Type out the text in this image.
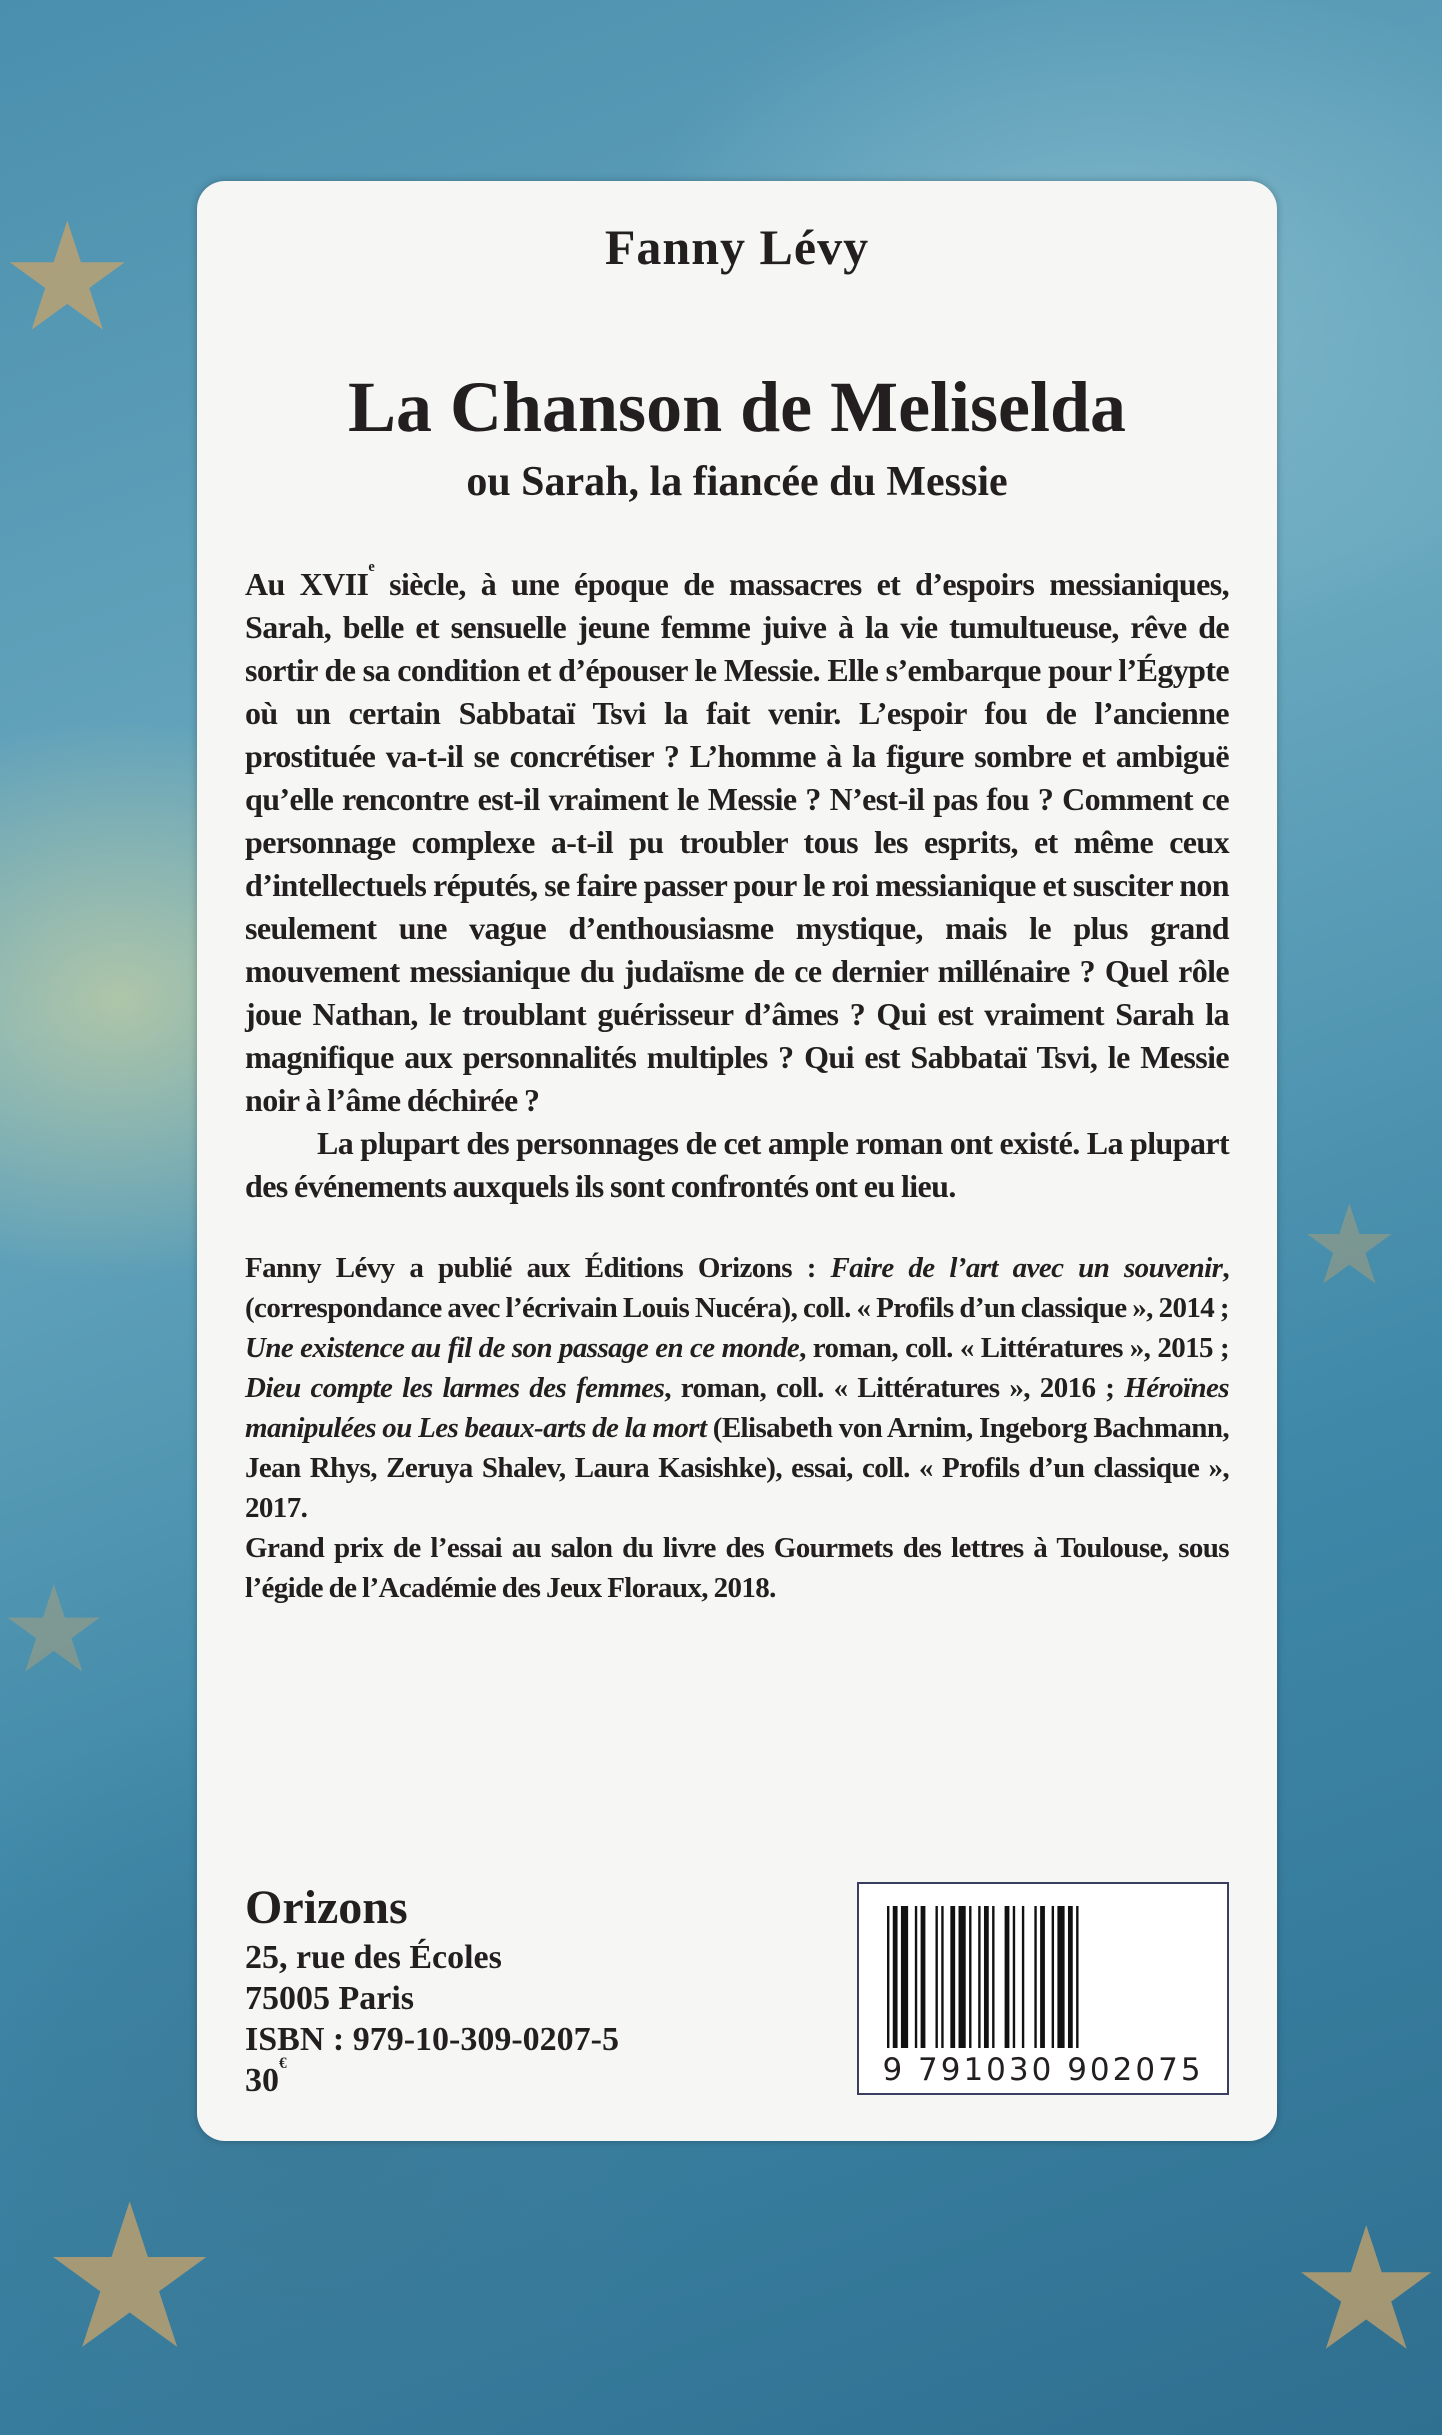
★
★
★	★
★
Fanny Lévy
La Chanson de Meliselda
ou Sarah, la fiancée du Messie

Au XVIIe siècle, à une époque de massacres et d’espoirs messianiques, Sarah, belle et sensuelle jeune femme juive à la vie tumultueuse, rêve de sortir de sa condition et d’épouser le Messie. Elle s’embarque pour l’Égypte où un certain Sabbataï Tsvi la fait venir. L’espoir fou de l’ancienne prostituée va-t-il se concrétiser ? L’homme à la figure sombre et ambiguë qu’elle rencontre est-il vraiment le Messie ? N’est-il pas fou ? Comment ce personnage complexe a-t-il pu troubler tous les esprits, et même ceux d’intellectuels réputés, se faire passer pour le roi messianique et susciter non seulement une vague d’enthousiasme mystique, mais le plus grand mouvement messianique du judaïsme de ce dernier millénaire ? Quel rôle joue Nathan, le troublant guérisseur d’âmes ? Qui est vraiment Sarah la magnifique aux personnalités multiples ? Qui est Sabbataï Tsvi, le Messie noir à l’âme déchirée ?

La plupart des personnages de cet ample roman ont existé. La plupart des événements auxquels ils sont confrontés ont eu lieu.

Fanny Lévy a publié aux Éditions Orizons : Faire de l’art avec un souvenir, (correspondance avec l’écrivain Louis Nucéra), coll. « Profils d’un classique », 2014 ; Une existence au fil de son passage en ce monde, roman, coll. « Littératures », 2015 ; Dieu compte les larmes des femmes, roman, coll. « Littératures », 2016 ; Héroïnes manipulées ou Les beaux-arts de la mort (Elisabeth von Arnim, Ingeborg Bachmann, Jean Rhys, Zeruya Shalev, Laura Kasishke), essai, coll. « Profils d’un classique », 2017.

Grand prix de l’essai au salon du livre des Gourmets des lettres à Toulouse, sous l’égide de l’Académie des Jeux Floraux, 2018.

Orizons
25, rue des Écoles
75005 Paris
ISBN : 979-10-309-0207-5
30€	9 791030 902075
